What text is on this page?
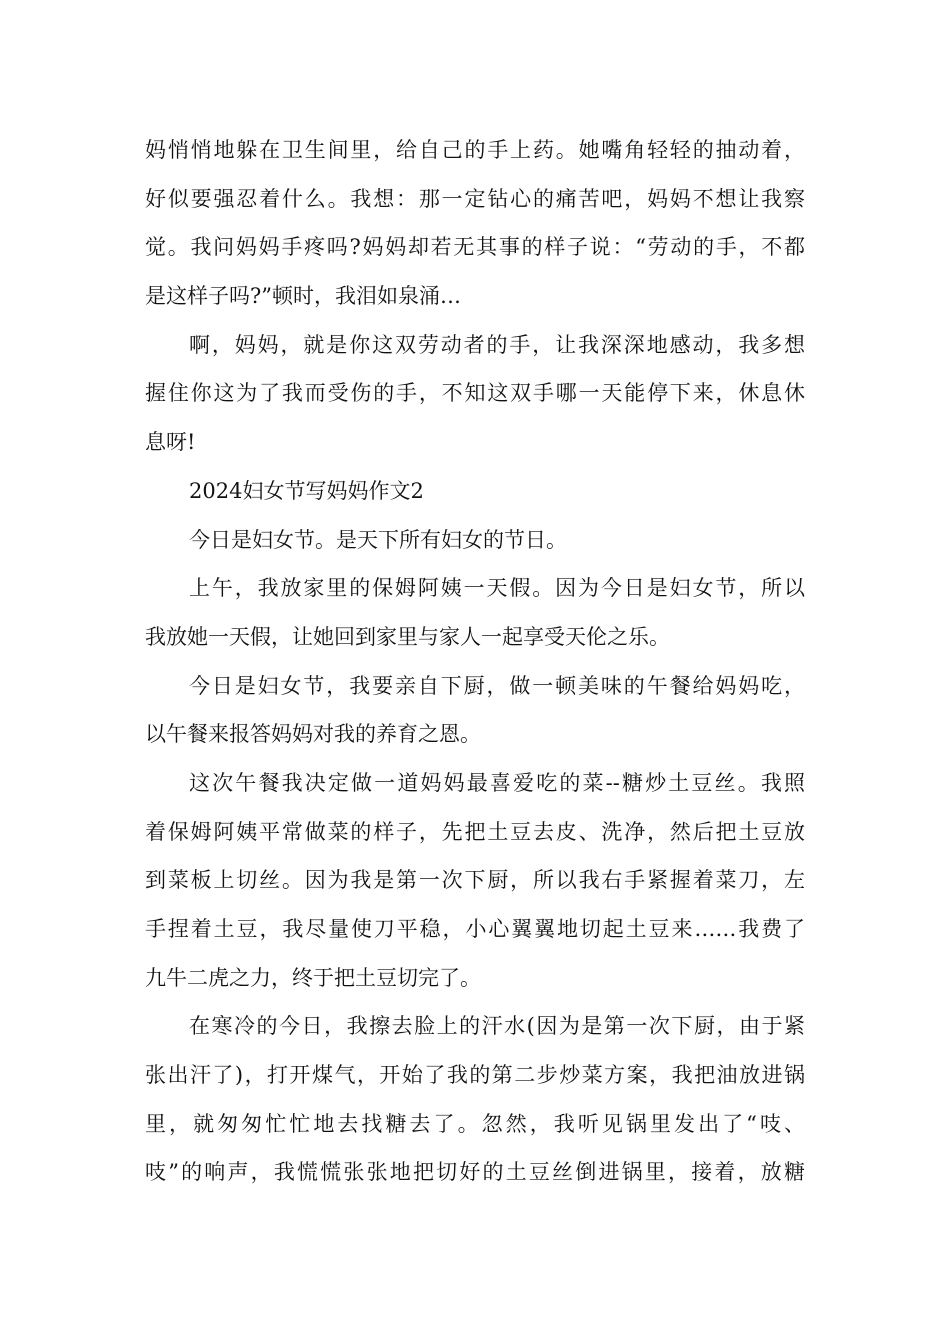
妈悄悄地躲在卫生间里，给自己的手上药。她嘴角轻轻的抽动着，
好似要强忍着什么。我想：那一定钻心的痛苦吧，妈妈不想让我察
觉。我问妈妈手疼吗?妈妈却若无其事的样子说：“劳动的手，不都
是这样子吗?”顿时，我泪如泉涌…
啊，妈妈，就是你这双劳动者的手，让我深深地感动，我多想
握住你这为了我而受伤的手，不知这双手哪一天能停下来，休息休
息呀!
2024妇女节写妈妈作文2
今日是妇女节。是天下所有妇女的节日。
上午，我放家里的保姆阿姨一天假。因为今日是妇女节，所以
我放她一天假，让她回到家里与家人一起享受天伦之乐。
今日是妇女节，我要亲自下厨，做一顿美味的午餐给妈妈吃，
以午餐来报答妈妈对我的养育之恩。
这次午餐我决定做一道妈妈最喜爱吃的菜--糖炒土豆丝。我照
着保姆阿姨平常做菜的样子，先把土豆去皮、洗净，然后把土豆放
到菜板上切丝。因为我是第一次下厨，所以我右手紧握着菜刀，左
手捏着土豆，我尽量使刀平稳，小心翼翼地切起土豆来……我费了
九牛二虎之力，终于把土豆切完了。
在寒冷的今日，我擦去脸上的汗水(因为是第一次下厨，由于紧
张出汗了)，打开煤气，开始了我的第二步炒菜方案，我把油放进锅
里，就匆匆忙忙地去找糖去了。忽然，我听见锅里发出了“吱、
吱”的响声，我慌慌张张地把切好的土豆丝倒进锅里，接着，放糖
